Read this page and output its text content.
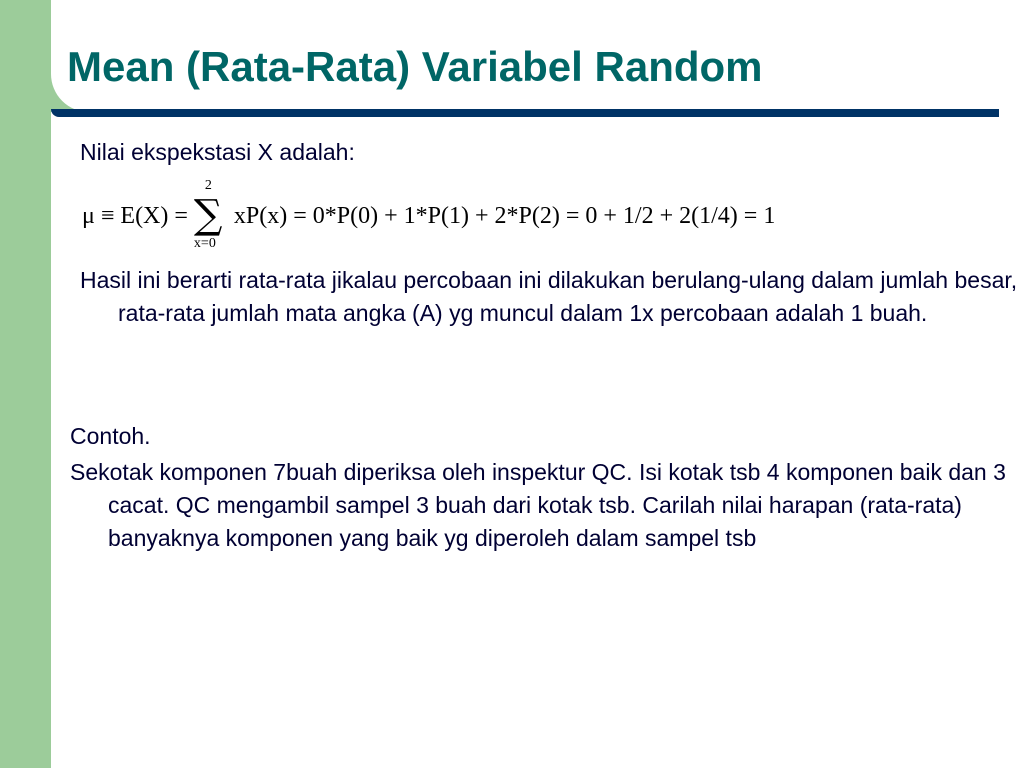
Mean (Rata-Rata) Variabel Random

Nilai ekspekstasi X adalah:

μ ≡ E(X) =
2
∑
x=0
xP(x) = 0*P(0) + 1*P(1) + 2*P(2) = 0 + 1/2 + 2(1/4) = 1

Hasil ini berarti rata-rata jikalau percobaan ini dilakukan berulang-ulang dalam jumlah besar, rata-rata jumlah mata angka (A) yg muncul dalam 1x percobaan adalah 1 buah.

Contoh.

Sekotak komponen 7buah diperiksa oleh inspektur QC. Isi kotak tsb 4 komponen baik dan 3 cacat. QC mengambil sampel 3 buah dari kotak tsb. Carilah nilai harapan (rata-rata) banyaknya komponen yang baik yg diperoleh dalam sampel tsb
